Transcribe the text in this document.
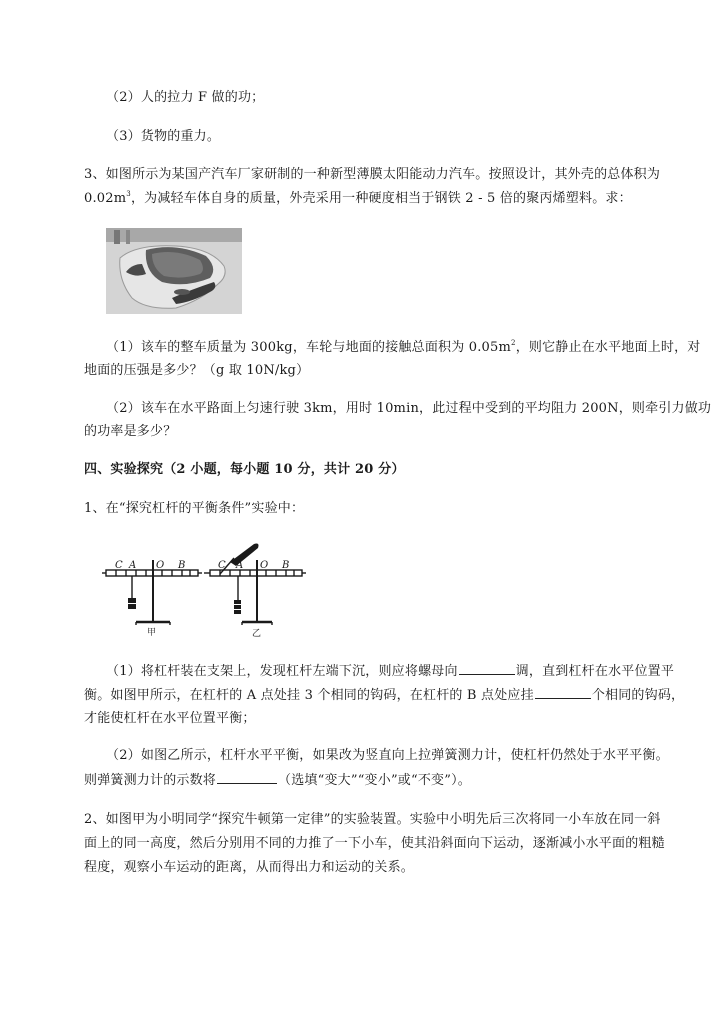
（2）人的拉力 F 做的功；
（3）货物的重力。
3、如图所示为某国产汽车厂家研制的一种新型薄膜太阳能动力汽车。按照设计，其外壳的总体积为
$0.02m^3$，为减轻车体自身的质量，外壳采用一种硬度相当于钢铁 2 - 5 倍的聚丙烯塑料。求：
（1）该车的整车质量为 300kg，车轮与地面的接触总面积为 $0.05m^2$，则它静止在水平地面上时，对
地面的压强是多少？（g 取 10N/kg）
（2）该车在水平路面上匀速行驶 3km，用时 10min，此过程中受到的平均阻力 200N，则牵引力做功
的功率是多少？
四、实验探究（2 小题，每小题 10 分，共计 20 分）
1、在“探究杠杆的平衡条件”实验中：
C A O B
甲
C A O B
乙
（1）将杠杆装在支架上，发现杠杆左端下沉，则应将螺母向	调，直到杠杆在水平位置平
衡。如图甲所示，在杠杆的 A 点处挂 3 个相同的钩码，在杠杆的 B 点处应挂	个相同的钩码，
才能使杠杆在水平位置平衡；
（2）如图乙所示，杠杆水平平衡，如果改为竖直向上拉弹簧测力计，使杠杆仍然处于水平平衡。
则弹簧测力计的示数将	（选填“变大”“变小”或“不变”）。
2、如图甲为小明同学“探究牛顿第一定律”的实验装置。实验中小明先后三次将同一小车放在同一斜
面上的同一高度，然后分别用不同的力推了一下小车，使其沿斜面向下运动，逐渐减小水平面的粗糙
程度，观察小车运动的距离，从而得出力和运动的关系。
